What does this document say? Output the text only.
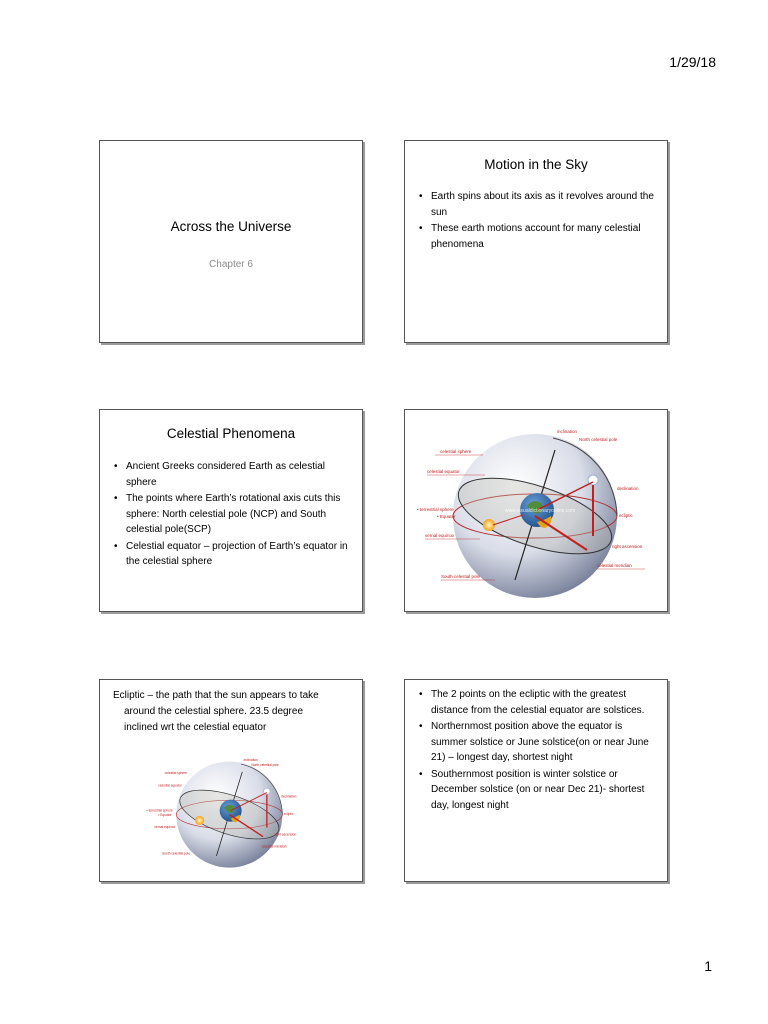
1/29/18
Across the Universe
Chapter 6
Motion in the Sky
• Earth spins about its axis as it revolves around the sun
• These earth motions account for many celestial phenomena
Celestial Phenomena
• Ancient Greeks considered Earth as celestial sphere
• The points where Earth’s rotational axis cuts this sphere: North celestial pole (NCP) and South celestial pole(SCP)
• Celestial equator – projection of Earth’s equator in the celestial sphere
inclination
North celestial pole
celestial sphere
celestial equator
declination
• terrestrial sphere
• Equator	ecliptic
vernal equinox
right ascension
celestial meridian
South celestial pole
www.visualdictionaryonline.com
Ecliptic – the path that the sun appears to take
around the celestial sphere. 23.5 degree
inclined wrt the celestial equator
inclination
North celestial pole
celestial sphere
celestial equator
declination
• terrestrial sphere
• Equator	ecliptic
vernal equinox
right ascension
celestial meridian
South celestial pole
• The 2 points on the ecliptic with the greatest distance from the celestial equator are solstices.
• Northernmost position above the equator is summer solstice or June solstice(on or near June 21) – longest day, shortest night
• Southernmost position is winter solstice or December solstice (on or near Dec 21)- shortest day, longest night
1
